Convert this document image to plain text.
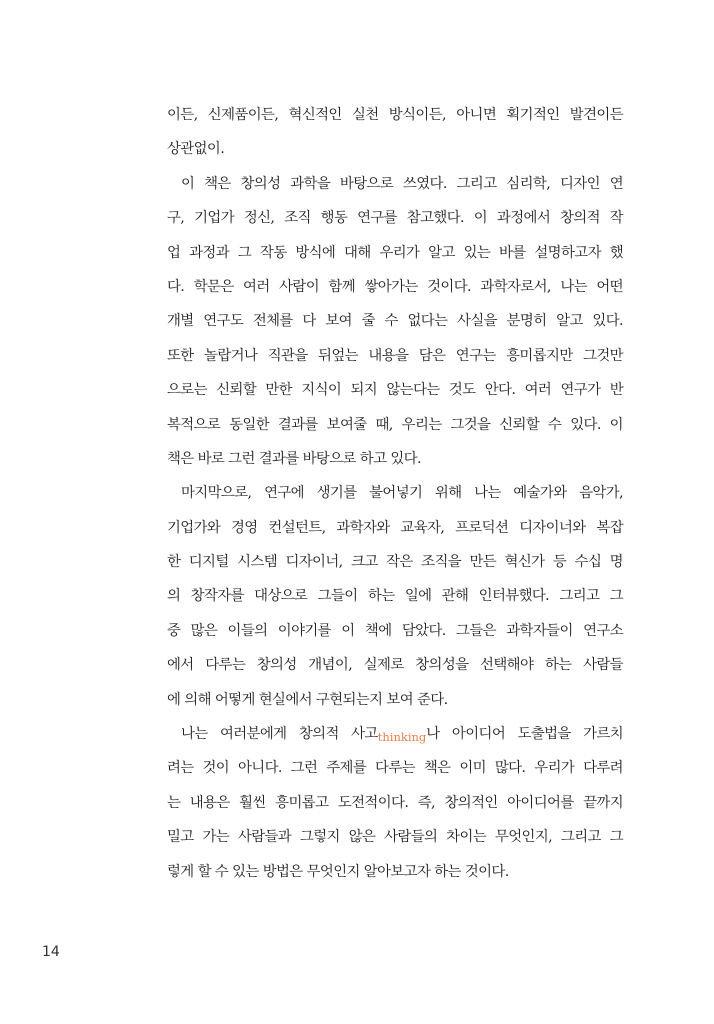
이든, 신제품이든, 혁신적인 실천 방식이든, 아니면 획기적인 발견이든
상관없이.
이 책은 창의성 과학을 바탕으로 쓰였다. 그리고 심리학, 디자인 연
구, 기업가 정신, 조직 행동 연구를 참고했다. 이 과정에서 창의적 작
업 과정과 그 작동 방식에 대해 우리가 알고 있는 바를 설명하고자 했
다. 학문은 여러 사람이 함께 쌓아가는 것이다. 과학자로서, 나는 어떤
개별 연구도 전체를 다 보여 줄 수 없다는 사실을 분명히 알고 있다.
또한 놀랍거나 직관을 뒤엎는 내용을 담은 연구는 흥미롭지만 그것만
으로는 신뢰할 만한 지식이 되지 않는다는 것도 안다. 여러 연구가 반
복적으로 동일한 결과를 보여줄 때, 우리는 그것을 신뢰할 수 있다. 이
책은 바로 그런 결과를 바탕으로 하고 있다.
마지막으로, 연구에 생기를 불어넣기 위해 나는 예술가와 음악가,
기업가와 경영 컨설턴트, 과학자와 교육자, 프로덕션 디자이너와 복잡
한 디지털 시스템 디자이너, 크고 작은 조직을 만든 혁신가 등 수십 명
의 창작자를 대상으로 그들이 하는 일에 관해 인터뷰했다. 그리고 그
중 많은 이들의 이야기를 이 책에 담았다. 그들은 과학자들이 연구소
에서 다루는 창의성 개념이, 실제로 창의성을 선택해야 하는 사람들
에 의해 어떻게 현실에서 구현되는지 보여 준다.
나는 여러분에게 창의적 사고$_{thinking}$나 아이디어 도출법을 가르치
려는 것이 아니다. 그런 주제를 다루는 책은 이미 많다. 우리가 다루려
는 내용은 훨씬 흥미롭고 도전적이다. 즉, 창의적인 아이디어를 끝까지
밀고 가는 사람들과 그렇지 않은 사람들의 차이는 무엇인지, 그리고 그
렇게 할 수 있는 방법은 무엇인지 알아보고자 하는 것이다.
14
